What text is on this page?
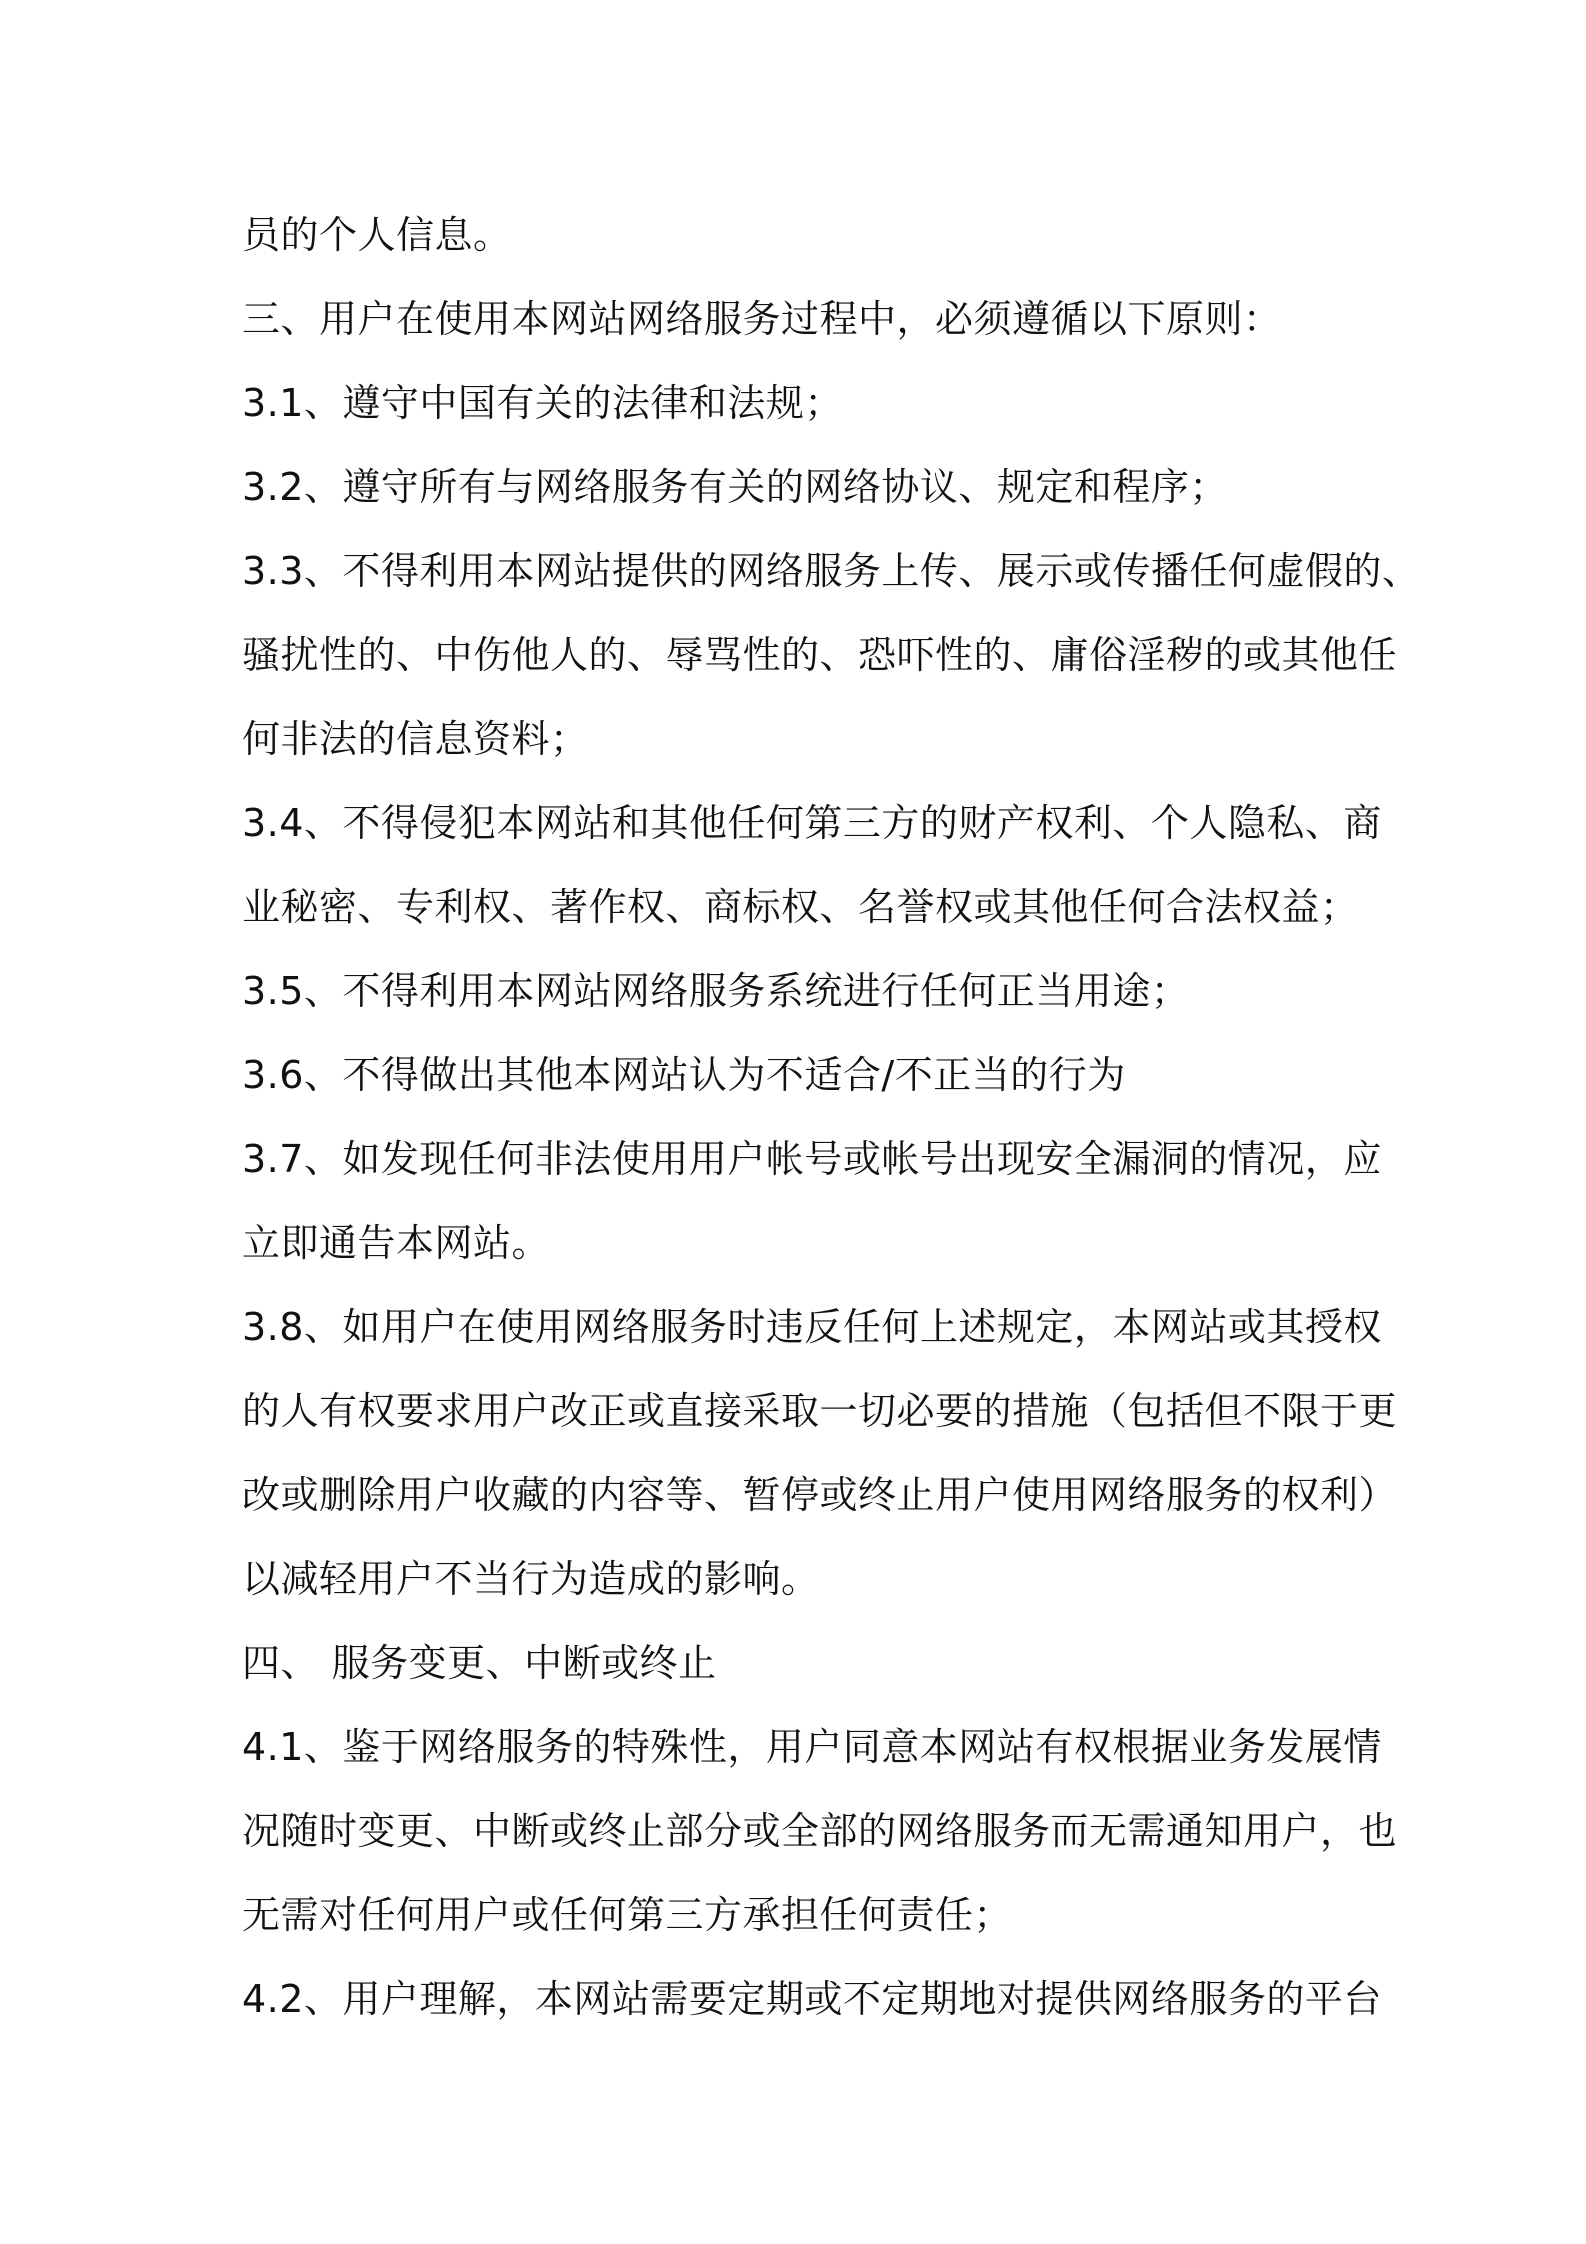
员的个人信息。
三、用户在使用本网站网络服务过程中，必须遵循以下原则：
3.1、遵守中国有关的法律和法规；
3.2、遵守所有与网络服务有关的网络协议、规定和程序；
3.3、不得利用本网站提供的网络服务上传、展示或传播任何虚假的、
骚扰性的、中伤他人的、辱骂性的、恐吓性的、庸俗淫秽的或其他任
何非法的信息资料；
3.4、不得侵犯本网站和其他任何第三方的财产权利、个人隐私、商
业秘密、专利权、著作权、商标权、名誉权或其他任何合法权益；
3.5、不得利用本网站网络服务系统进行任何正当用途；
3.6、不得做出其他本网站认为不适合/不正当的行为
3.7、如发现任何非法使用用户帐号或帐号出现安全漏洞的情况，应
立即通告本网站。
3.8、如用户在使用网络服务时违反任何上述规定，本网站或其授权
的人有权要求用户改正或直接采取一切必要的措施（包括但不限于更
改或删除用户收藏的内容等、暂停或终止用户使用网络服务的权利）
以减轻用户不当行为造成的影响。
四、 服务变更、中断或终止
4.1、鉴于网络服务的特殊性，用户同意本网站有权根据业务发展情
况随时变更、中断或终止部分或全部的网络服务而无需通知用户，也
无需对任何用户或任何第三方承担任何责任；
4.2、用户理解，本网站需要定期或不定期地对提供网络服务的平台
